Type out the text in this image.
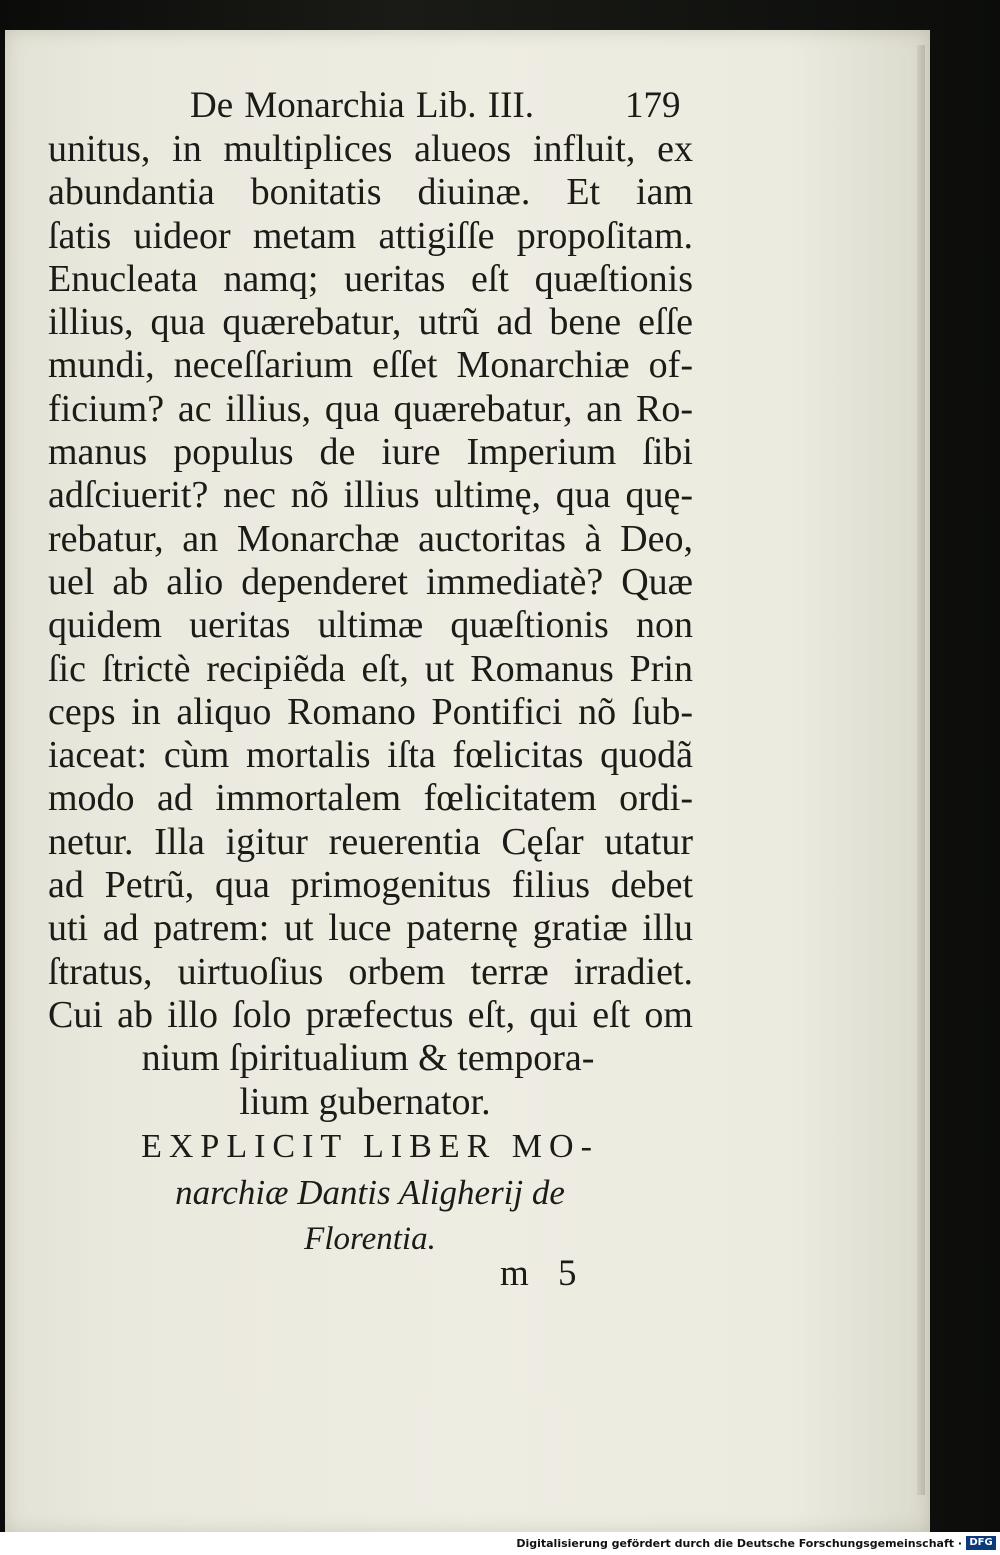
De Monarchia Lib. III. 179
unitus, in multiplices alueos influit, ex
abundantia bonitatis diuinæ. Et iam
ſatis uideor metam attigiſſe propoſitam.
Enucleata namq; ueritas eſt quæſtionis
illius, qua quærebatur, utrũ ad bene eſſe
mundi, neceſſarium eſſet Monarchiæ of-
ficium? ac illius, qua quærebatur, an Ro-
manus populus de iure Imperium ſibi
adſciuerit? nec nõ illius ultimę, qua quę-
rebatur, an Monarchæ auctoritas à Deo,
uel ab alio dependeret immediatè? Quæ
quidem ueritas ultimæ quæſtionis non
ſic ſtrictè recipiẽda eſt, ut Romanus Prin
ceps in aliquo Romano Pontifici nõ ſub-
iaceat: cùm mortalis iſta fœlicitas quodã
modo ad immortalem fœlicitatem ordi-
netur. Illa igitur reuerentia Cęſar utatur
ad Petrũ, qua primogenitus filius debet
uti ad patrem: ut luce paternę gratiæ illu
ſtratus, uirtuoſius orbem terræ irradiet.
Cui ab illo ſolo præfectus eſt, qui eſt om
nium ſpiritualium & tempora-
lium gubernator.
EXPLICIT LIBER MO-
narchiæ Dantis Aligherij de
Florentia.
m 5
Digitalisierung gefördert durch die Deutsche Forschungsgemeinschaft · DFG
